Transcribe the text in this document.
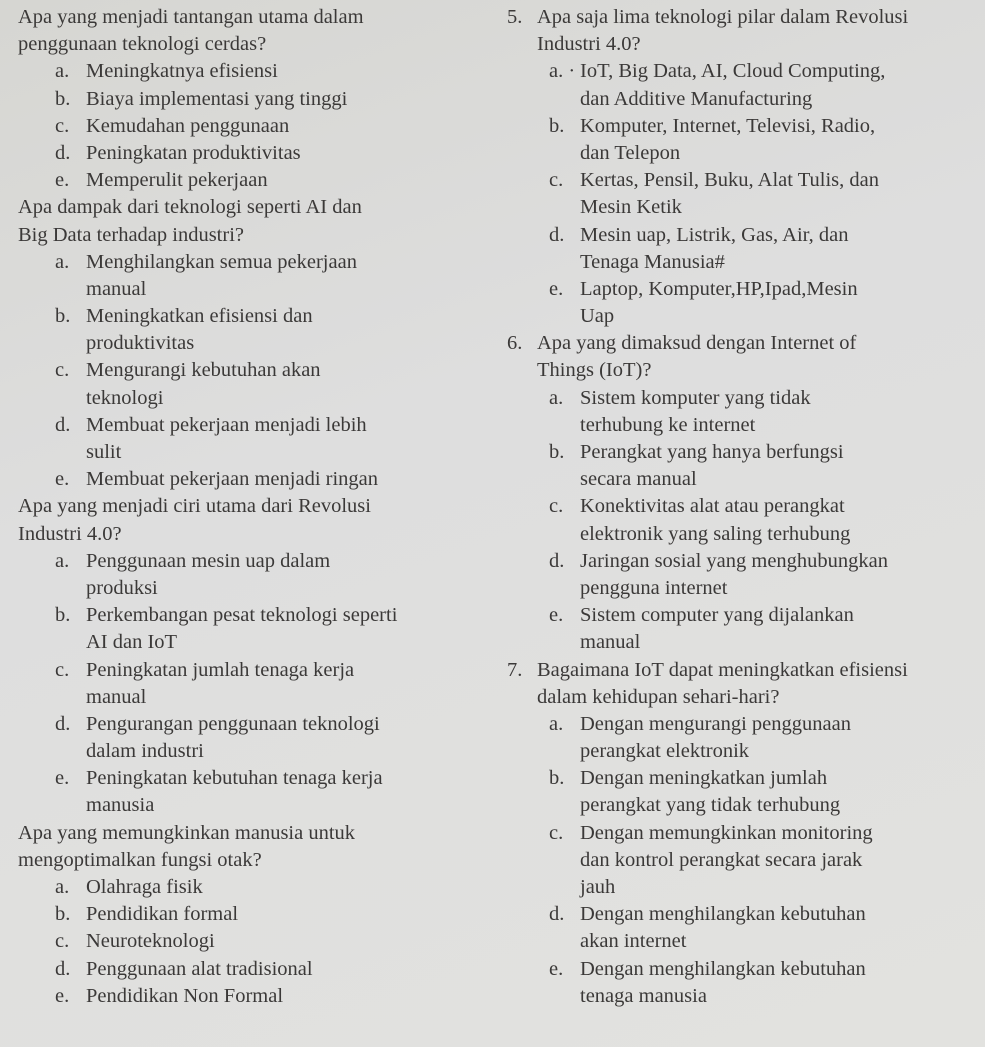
Apa yang menjadi tantangan utama dalam
penggunaan teknologi cerdas?
a. Meningkatnya efisiensi
b. Biaya implementasi yang tinggi
c. Kemudahan penggunaan
d. Peningkatan produktivitas
e. Memperulit pekerjaan
Apa dampak dari teknologi seperti AI dan
Big Data terhadap industri?
a. Menghilangkan semua pekerjaan
manual
b. Meningkatkan efisiensi dan
produktivitas
c. Mengurangi kebutuhan akan
teknologi
d. Membuat pekerjaan menjadi lebih
sulit
e. Membuat pekerjaan menjadi ringan
Apa yang menjadi ciri utama dari Revolusi
Industri 4.0?
a. Penggunaan mesin uap dalam
produksi
b. Perkembangan pesat teknologi seperti
AI dan IoT
c. Peningkatan jumlah tenaga kerja
manual
d. Pengurangan penggunaan teknologi
dalam industri
e. Peningkatan kebutuhan tenaga kerja
manusia
Apa yang memungkinkan manusia untuk
mengoptimalkan fungsi otak?
a. Olahraga fisik
b. Pendidikan formal
c. Neuroteknologi
d. Penggunaan alat tradisional
e. Pendidikan Non Formal
5. Apa saja lima teknologi pilar dalam Revolusi
Industri 4.0?
a. · IoT, Big Data, AI, Cloud Computing,
dan Additive Manufacturing
b. Komputer, Internet, Televisi, Radio,
dan Telepon
c. Kertas, Pensil, Buku, Alat Tulis, dan
Mesin Ketik
d. Mesin uap, Listrik, Gas, Air, dan
Tenaga Manusia#
e. Laptop, Komputer,HP,Ipad,Mesin
Uap
6. Apa yang dimaksud dengan Internet of
Things (IoT)?
a. Sistem komputer yang tidak
terhubung ke internet
b. Perangkat yang hanya berfungsi
secara manual
c. Konektivitas alat atau perangkat
elektronik yang saling terhubung
d. Jaringan sosial yang menghubungkan
pengguna internet
e. Sistem computer yang dijalankan
manual
7. Bagaimana IoT dapat meningkatkan efisiensi
dalam kehidupan sehari-hari?
a. Dengan mengurangi penggunaan
perangkat elektronik
b. Dengan meningkatkan jumlah
perangkat yang tidak terhubung
c. Dengan memungkinkan monitoring
dan kontrol perangkat secara jarak
jauh
d. Dengan menghilangkan kebutuhan
akan internet
e. Dengan menghilangkan kebutuhan
tenaga manusia
